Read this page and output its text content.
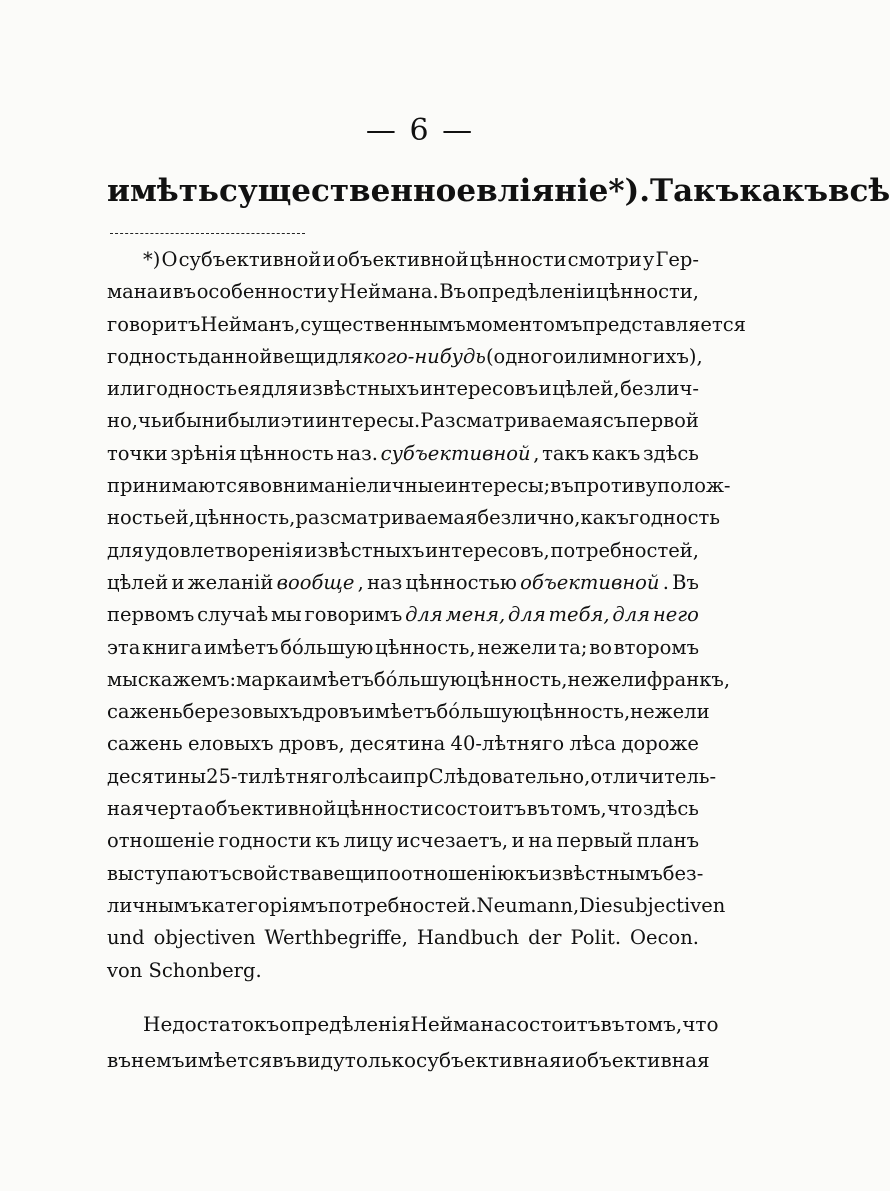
— 6 —
имѣть существенное вліяніе *). Такъ какъ всѣ
*) О субъективной и объективной цѣнности смотри у Гер-
мана и въ особенности у Неймана. Въ опредѣленіи цѣнности,
говоритъ Нейманъ, существеннымъ моментомъ представляется
годность данной вещи для кого-нибудь (одного или многихъ),
или годность ея для извѣстныхъ интересовъ и цѣлей, безлич-
но, чьи бы ни были эти интересы. Разсматриваемая съ первой
точки зрѣнія цѣнность наз. субъективной , такъ какъ здѣсь
принимаются во вниманіе личные интересы; въ противуполож-
ность ей, цѣнность, разсматриваемая безлично, какъ годность
для удовлетворенія извѣстныхъ интересовъ, потребностей,
цѣлей и желаній вообще , наз цѣнностью объективной . Въ
первомъ случаѣ мы говоримъ для меня, для тебя, для него
эта книга имѣетъ бóльшую цѣнность, нежели та; во второмъ
мы скажемъ: марка имѣетъ бóльшую цѣнность, нежели франкъ,
сажень березовыхъ дровъ имѣетъ бóльшую цѣнность, нежели
сажень еловыхъ дровъ, десятина 40-лѣтняго лѣса дороже
десятины 25-ти лѣтняго лѣса и пр Слѣдовательно, отличитель-
ная черта объективной цѣнности состоитъ въ томъ, что здѣсь
отношеніе годности къ лицу исчезаетъ, и на первый планъ
выступаютъ свойства вещи по отношенію къ извѣстнымъ без-
личнымъ категорiямъ потребностей. Neumann, Die subjectiven
und objectiven Werthbegriffe, Handbuch der Polit. Oecon.
von Schonberg.
Недостатокъ опредѣленія Неймана состоитъ въ томъ, что
въ немъ имѣется въ виду только субъективная и объективная
